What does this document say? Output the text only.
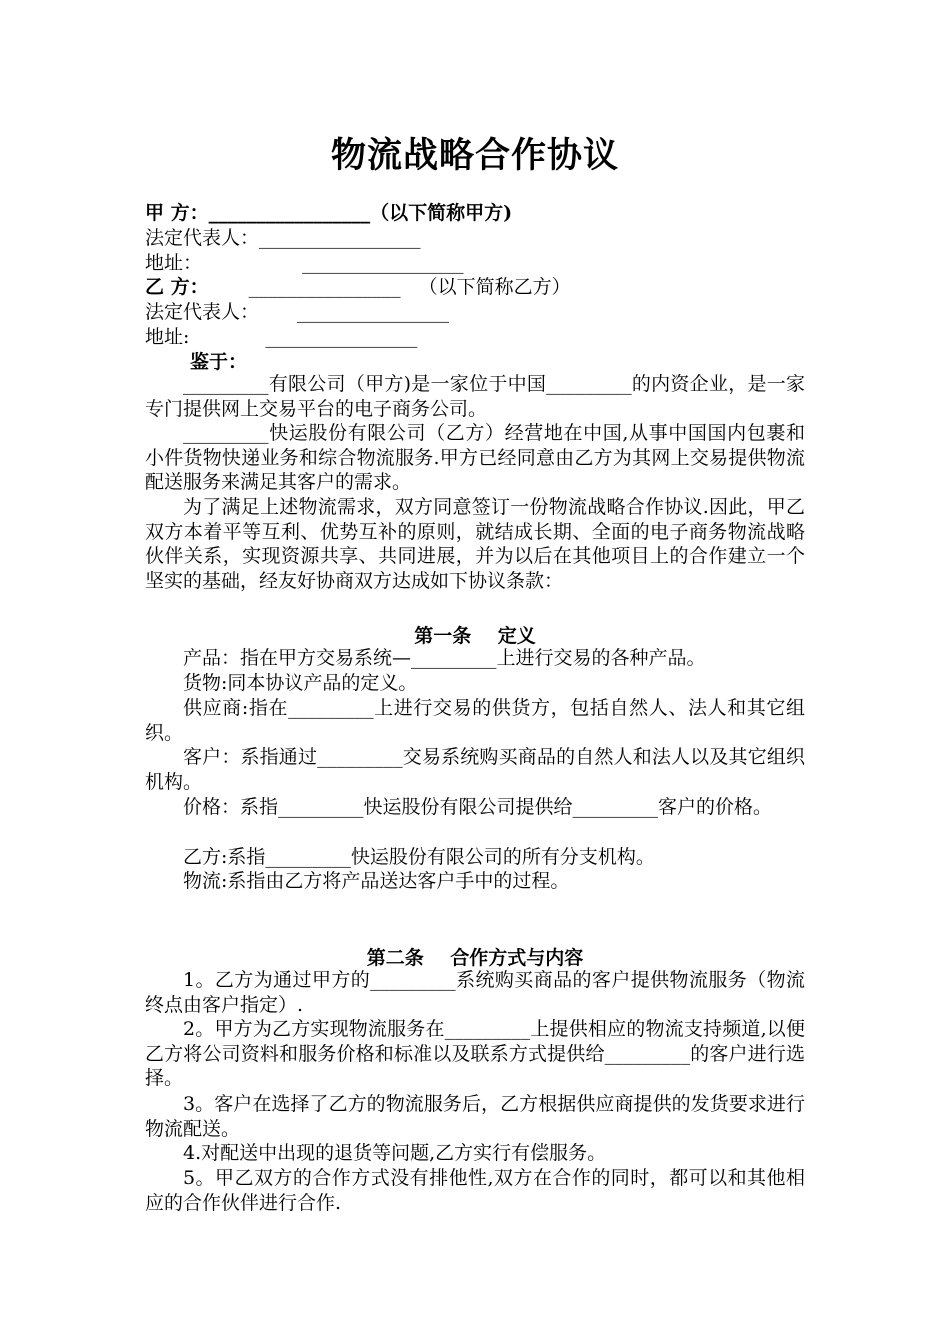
物流战略合作协议
甲 方：_________________（以下简称甲方)
法定代表人：_________________
地址：	_________________
乙 方： ________________ （以下简称乙方）
法定代表人： ________________
地址:	________________
鉴于：

_________有限公司（甲方)是一家位于中国_________的内资企业，是一家专门提供网上交易平台的电子商务公司。

_________快运股份有限公司（乙方）经营地在中国,从事中国国内包裹和小件货物快递业务和综合物流服务.甲方已经同意由乙方为其网上交易提供物流配送服务来满足其客户的需求。

为了满足上述物流需求，双方同意签订一份物流战略合作协议.因此，甲乙双方本着平等互利、优势互补的原则，就结成长期、全面的电子商务物流战略伙伴关系，实现资源共享、共同进展，并为以后在其他项目上的合作建立一个坚实的基础，经友好协商双方达成如下协议条款：

第一条    定义

产品：指在甲方交易系统—_________上进行交易的各种产品。

货物:同本协议产品的定义。

供应商:指在_________上进行交易的供货方，包括自然人、法人和其它组织。

客户：系指通过_________交易系统购买商品的自然人和法人以及其它组织机构。

价格：系指_________快运股份有限公司提供给_________客户的价格。

乙方:系指_________快运股份有限公司的所有分支机构。

物流:系指由乙方将产品送达客户手中的过程。

第二条    合作方式与内容

1。乙方为通过甲方的_________系统购买商品的客户提供物流服务（物流终点由客户指定）.

2。甲方为乙方实现物流服务在_________上提供相应的物流支持频道,以便乙方将公司资料和服务价格和标准以及联系方式提供给_________的客户进行选择。

3。客户在选择了乙方的物流服务后，乙方根据供应商提供的发货要求进行物流配送。

4.对配送中出现的退货等问题,乙方实行有偿服务。

5。甲乙双方的合作方式没有排他性,双方在合作的同时，都可以和其他相应的合作伙伴进行合作.
